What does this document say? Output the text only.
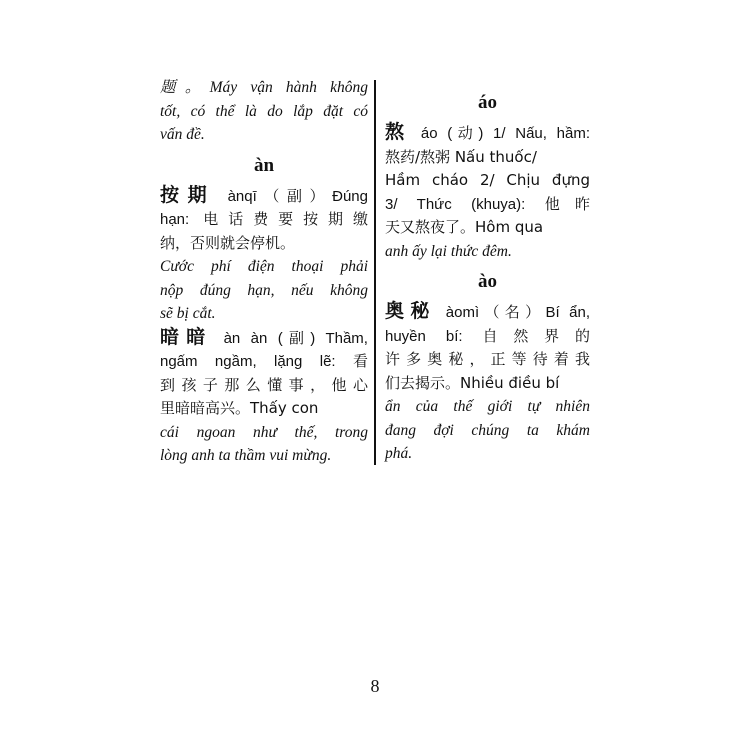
题。Máy vận hành không
tốt, có thể là do lắp đặt có
vấn đề.
àn
按期 ànqī（副）Đúng
hạn: 电话费要按期缴
纳，否则就会停机。
Cước phí điện thoại phải
nộp đúng hạn, nếu không
sẽ bị cắt.
暗暗 àn àn (副) Thầm,
ngấm ngầm, lặng lẽ: 看
到孩子那么懂事，他心
里暗暗高兴。Thấy con
cái ngoan như thế, trong
lòng anh ta thầm vui mừng.
áo
熬 áo (动) 1/ Nấu, hầm:
熬药/熬粥 Nấu thuốc/
Hầm cháo 2/ Chịu đựng
3/ Thức (khuya): 他昨
天又熬夜了。Hôm qua
anh ấy lại thức đêm.
ào
奥秘 àomì（名）Bí ẩn,
huyền bí: 自然界的
许多奥秘，正等待着我
们去揭示。Nhiều điều bí
ẩn của thế giới tự nhiên
đang đợi chúng ta khám
phá.
8
